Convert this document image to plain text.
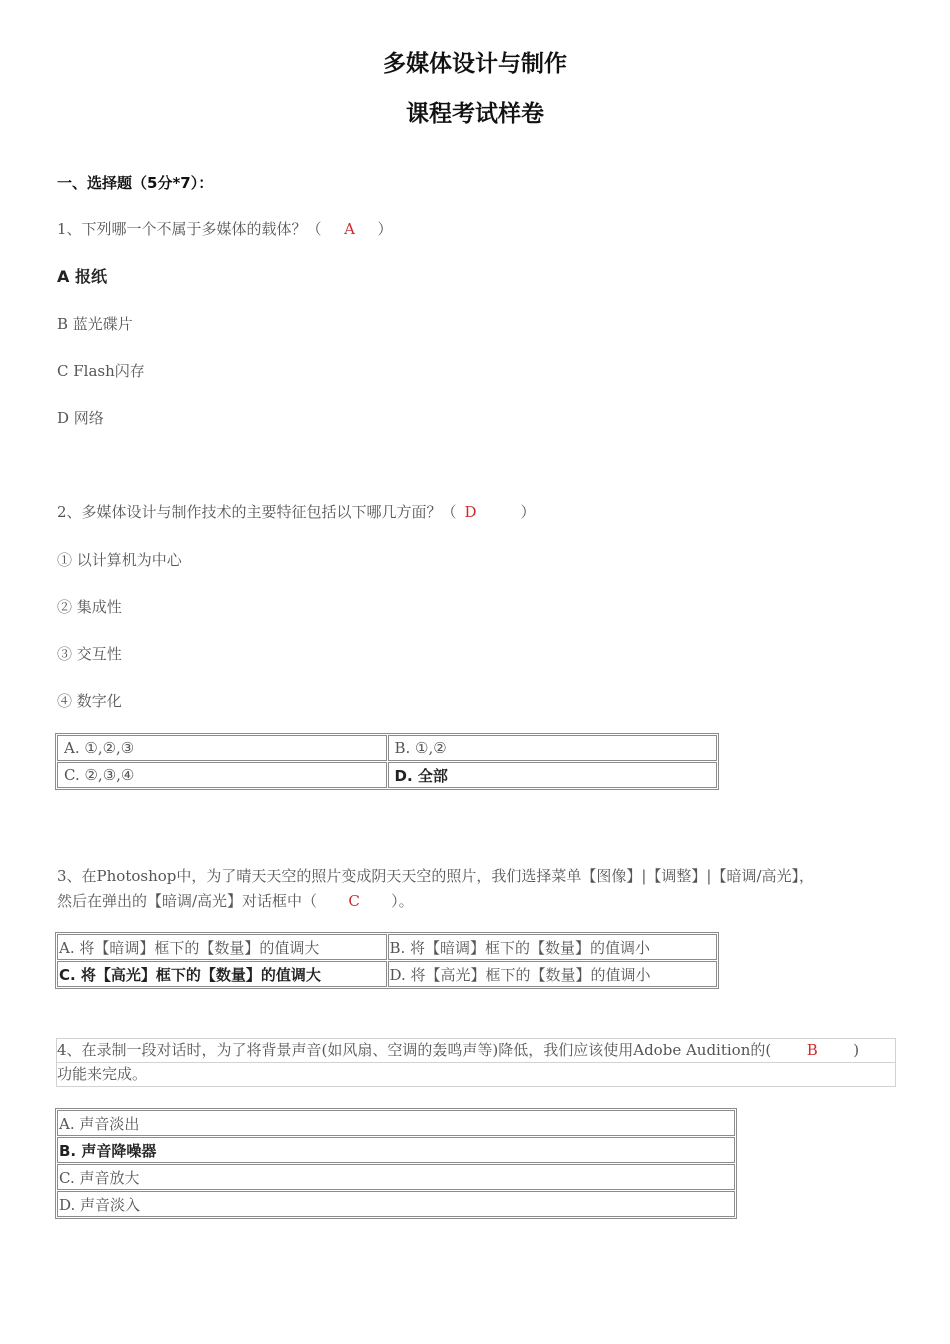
多媒体设计与制作
课程考试样卷
一、选择题（5分*7）：
1、下列哪一个不属于多媒体的载体？（ A ）
A 报纸
B 蓝光碟片
C Flash闪存
D 网络
2、多媒体设计与制作技术的主要特征包括以下哪几方面？（ D	）
① 以计算机为中心
② 集成性
③ 交互性
④ 数字化
A. ①,②,③	B. ①,②
C. ②,③,④	D. 全部
3、在Photoshop中，为了晴天天空的照片变成阴天天空的照片，我们选择菜单【图像】|【调整】|【暗调/高光】，
然后在弹出的【暗调/高光】对话框中（ C ）。
A. 将【暗调】框下的【数量】的值调大	B. 将【暗调】框下的【数量】的值调小
C. 将【高光】框下的【数量】的值调大	D. 将【高光】框下的【数量】的值调小
4、在录制一段对话时，为了将背景声音(如风扇、空调的轰鸣声等)降低，我们应该使用Adobe Audition的( B )
功能来完成。
A. 声音淡出
B. 声音降噪器
C. 声音放大
D. 声音淡入
